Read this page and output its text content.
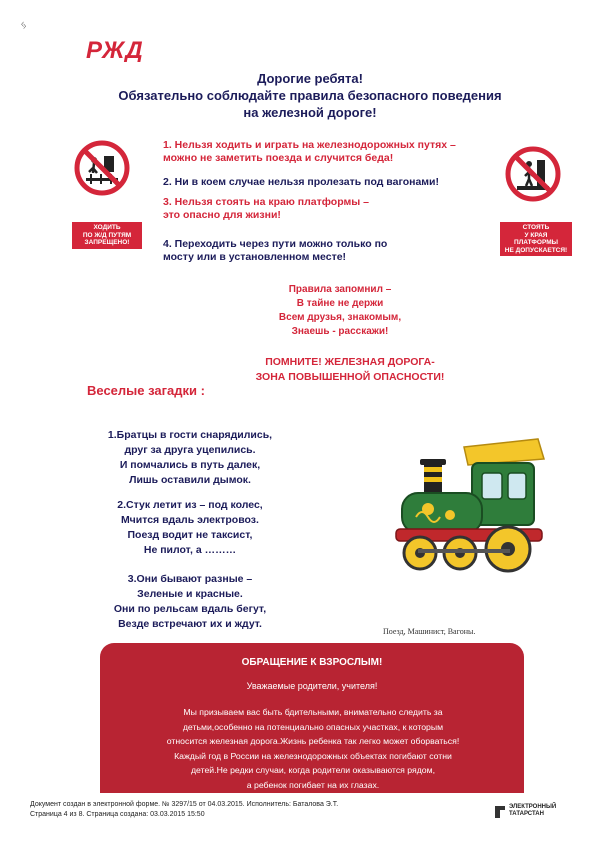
ᛃ
РЖД
Дорогие ребята!
Обязательно соблюдайте правила безопасного поведения
на железной дороге!
ХОДИТЬ
ПО Ж/Д ПУТЯМ
ЗАПРЕЩЕНО!
СТОЯТЬ
У КРАЯ
ПЛАТФОРМЫ
НЕ ДОПУСКАЕТСЯ!
1. Нельзя ходить и играть на железнодорожных путях –
можно не заметить поезда и случится беда!
2. Ни в коем случае нельзя пролезать под вагонами!
3. Нельзя стоять на краю платформы –
это опасно для жизни!
4. Переходить через пути можно только по
мосту или в установленном месте!
Правила запомнил –
В тайне не держи
Всем друзья, знакомым,
Знаешь - расскажи!
ПОМНИТЕ! ЖЕЛЕЗНАЯ ДОРОГА-
ЗОНА ПОВЫШЕННОЙ ОПАСНОСТИ!
Веселые загадки :
1.Братцы в гости снарядились,
друг за друга уцепились.
И помчались в путь далек,
Лишь оставили дымок.
2.Стук летит из – под колес,
Мчится вдаль электровоз.
Поезд водит не таксист,
Не пилот, а ………
3.Они бывают разные –
Зеленые и красные.
Они по рельсам вдаль бегут,
Везде встречают их и ждут.
Поезд, Машинист, Вагоны.
ОБРАЩЕНИЕ К ВЗРОСЛЫМ!
Уважаемые родители, учителя!
Мы призываем вас быть бдительными, внимательно следить за
детьми,особенно на потенциально опасных участках, к которым
относится железная дорога.Жизнь ребенка так легко может оборваться!
Каждый год в России на железнодорожных объектах погибают сотни
детей.Не редки случаи, когда родители оказываются рядом,
а ребенок погибает на их глазах.
Документ создан в электронной форме. № 3297/15 от 04.03.2015. Исполнитель: Баталова Э.Т.
Страница 4 из 8. Страница создана: 03.03.2015 15:50
ЭЛЕКТРОННЫЙ
ТАТАРСТАН
